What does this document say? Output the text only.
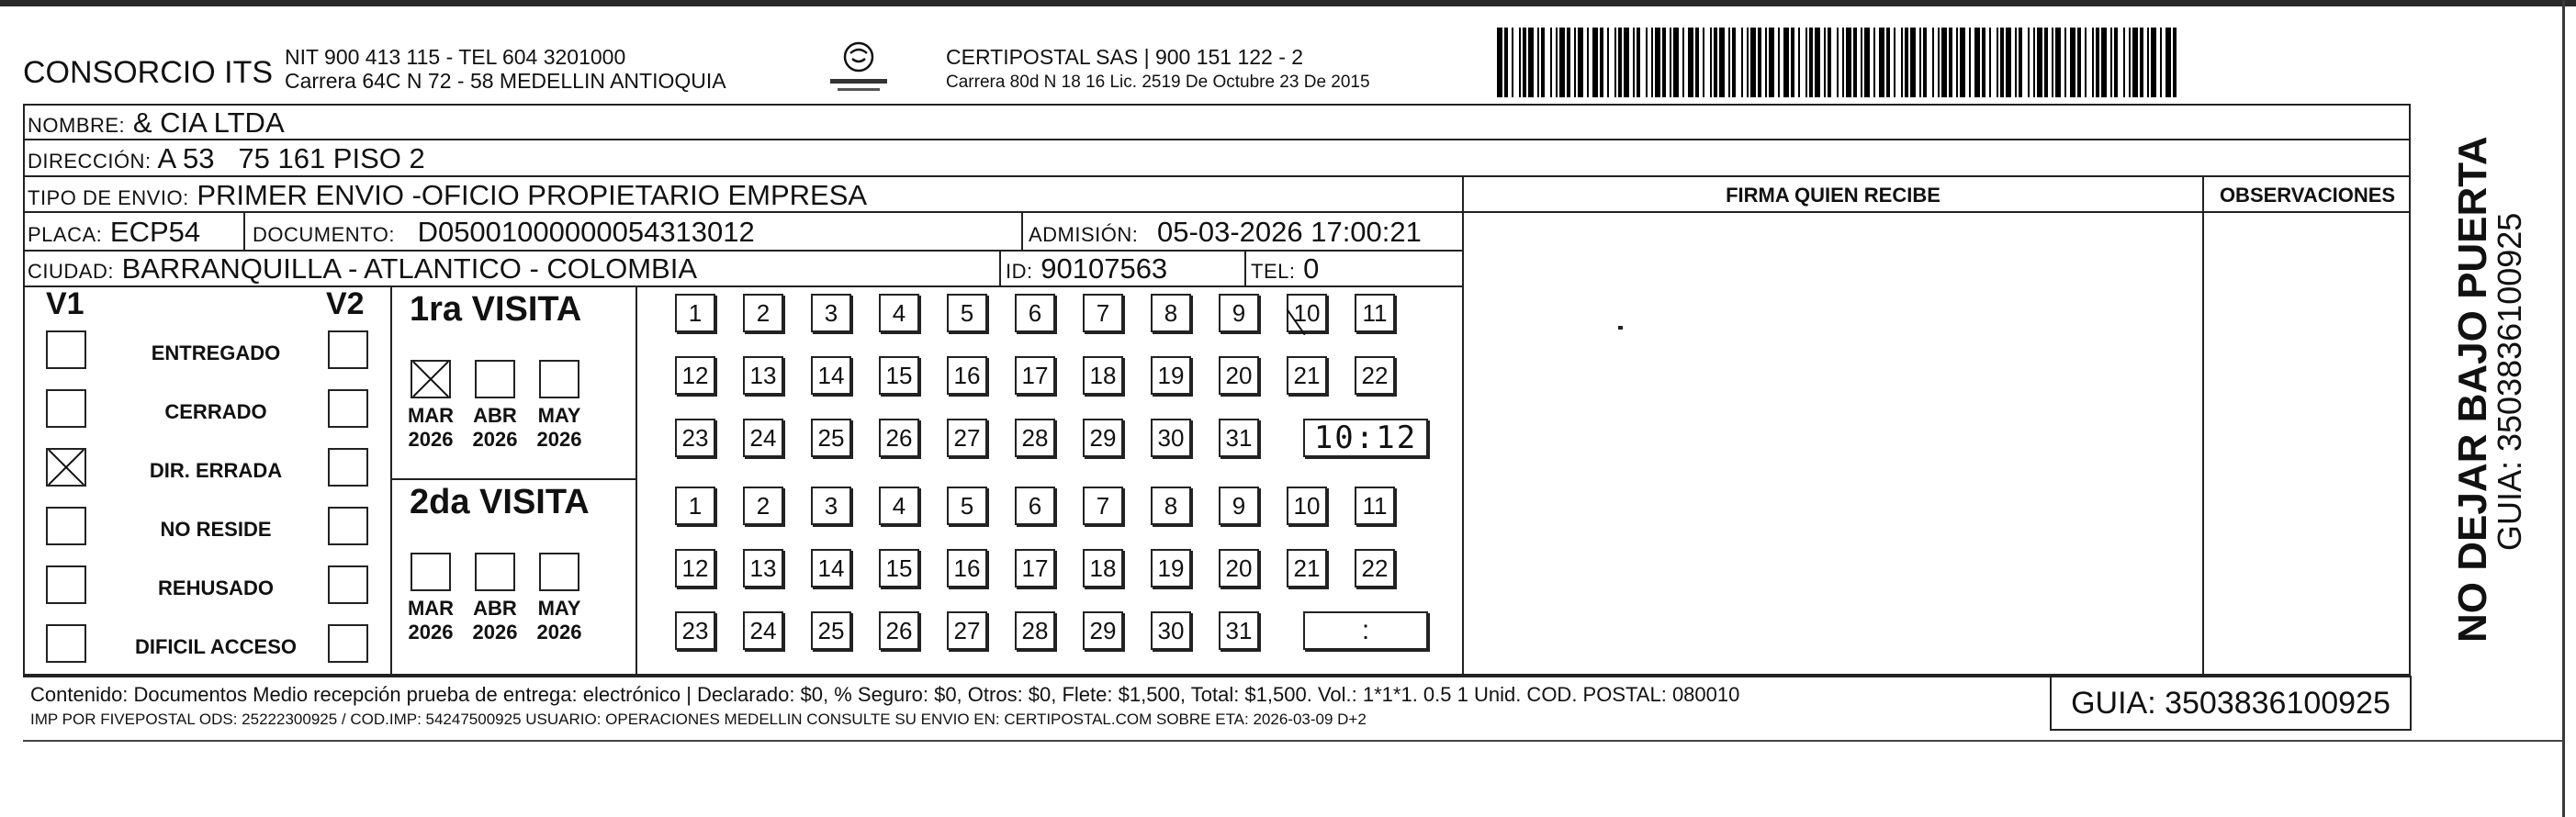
CONSORCIO ITS NIT 900 413 115 - TEL 604 3201000
Carrera 64C N 72 - 58 MEDELLIN ANTIOQUIA
CERTIPOSTAL SAS | 900 151 122 - 2
Carrera 80d N 18 16 Lic. 2519 De Octubre 23 De 2015
NOMBRE: & CIA LTDA
DIRECCIÓN: A 53   75 161 PISO 2
TIPO DE ENVIO: PRIMER ENVIO -OFICIO PROPIETARIO EMPRESA	FIRMA QUIEN RECIBE	OBSERVACIONES
PLACA: ECP54	DOCUMENTO: D05001000000054313012	ADMISIÓN: 05-03-2026 17:00:21
CIUDAD: BARRANQUILLA - ATLANTICO - COLOMBIA	ID: 90107563	TEL: 0
V1	V2
ENTREGADO
CERRADO
DIR. ERRADA
NO RESIDE
REHUSADO
DIFICIL ACCESO
1ra VISITA
MAR
2026
ABR
2026
MAY
2026
1	2	3	4	5	6	7	8	9	10	11
12 13 14 15 16 17 18 19 20 21 22
23 24 25 26 27 28 29 30 31	10:12
2da VISITA
MAR
2026
ABR
2026
MAY
2026
1	2	3	4	5	6	7	8	9	10	11
12 13 14 15 16 17 18 19 20 21 22
23 24 25 26 27 28 29 30 31	:	NO DEJAR BAJO PUERTA
GUIA: 3503836100925
Contenido: Documentos Medio recepción prueba de entrega: electrónico | Declarado: $0, % Seguro: $0, Otros: $0, Flete: $1,500, Total: $1,500. Vol.: 1*1*1. 0.5 1 Unid. COD. POSTAL: 080010
IMP POR FIVEPOSTAL ODS: 25222300925 / COD.IMP: 54247500925 USUARIO: OPERACIONES MEDELLIN CONSULTE SU ENVIO EN: CERTIPOSTAL.COM SOBRE ETA: 2026-03-09 D+2	GUIA: 3503836100925
